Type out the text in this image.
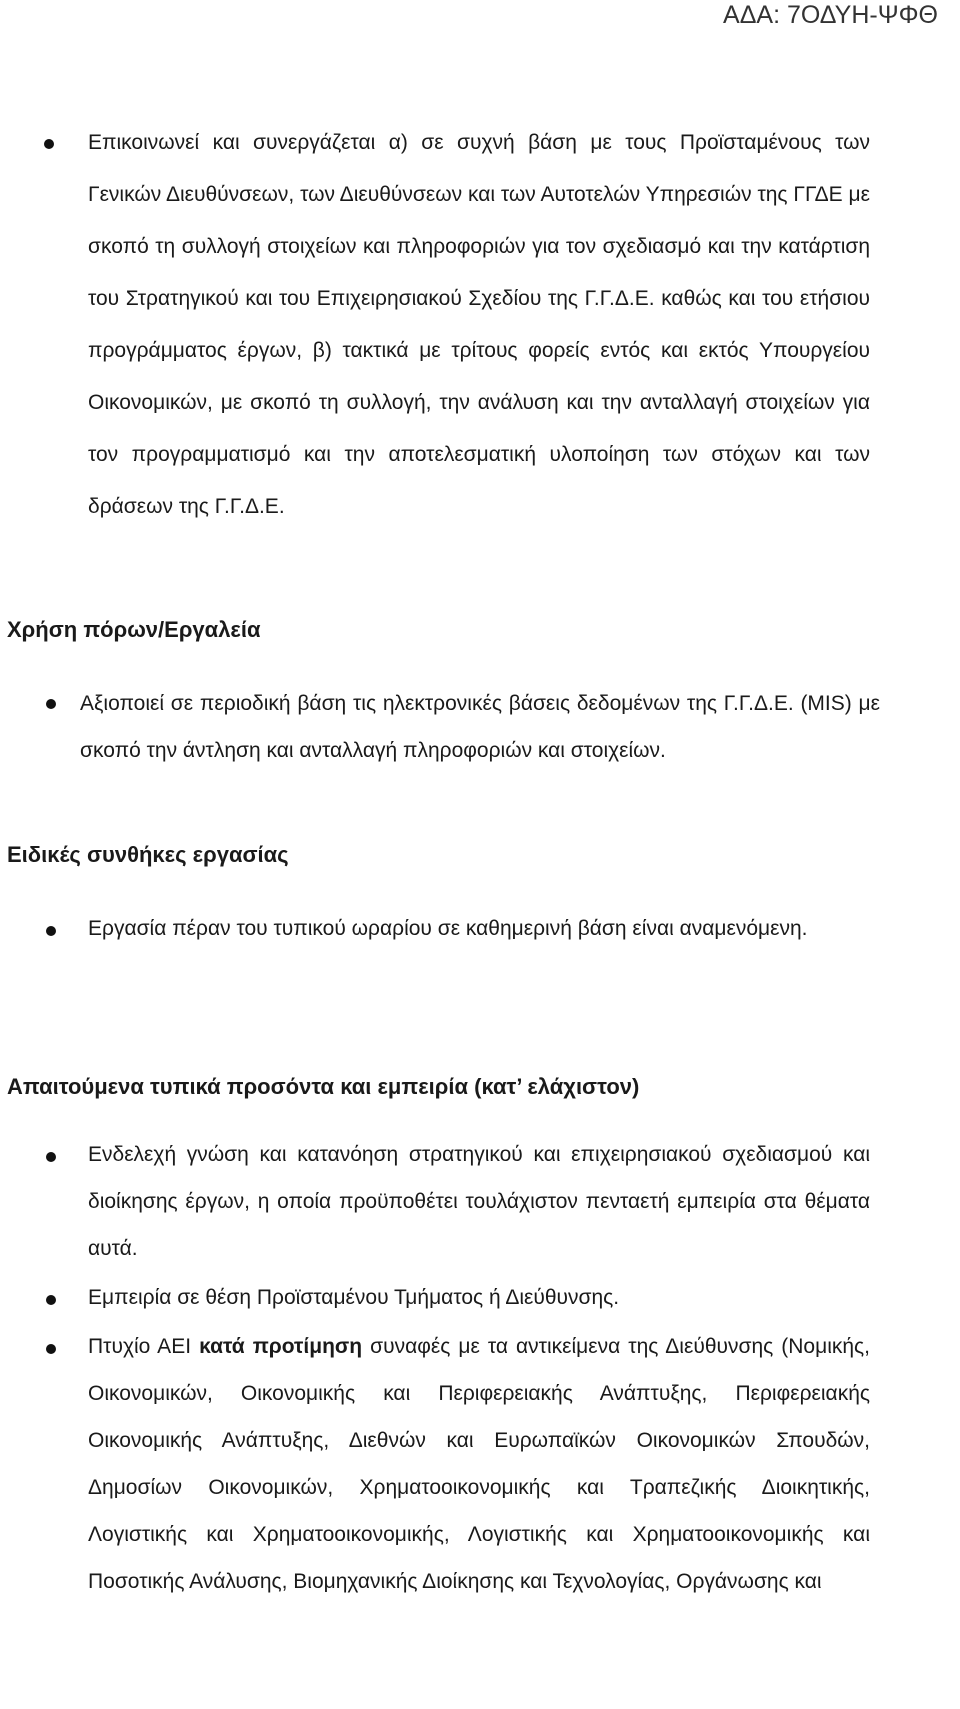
ΑΔΑ: 7ΟΔΥΗ-ΨΦΘ
Επικοινωνεί και συνεργάζεται α) σε συχνή βάση με τους Προϊσταμένους των Γενικών Διευθύνσεων, των Διευθύνσεων και των Αυτοτελών Υπηρεσιών της ΓΓΔΕ με σκοπό τη συλλογή στοιχείων και πληροφοριών για τον σχεδιασμό και την κατάρτιση του Στρατηγικού και του Επιχειρησιακού Σχεδίου της Γ.Γ.Δ.Ε. καθώς και του ετήσιου προγράμματος έργων, β) τακτικά με τρίτους φορείς εντός και εκτός Υπουργείου Οικονομικών, με σκοπό τη συλλογή, την ανάλυση και την ανταλλαγή στοιχείων για τον προγραμματισμό και την αποτελεσματική υλοποίηση των στόχων και των δράσεων της Γ.Γ.Δ.Ε.
Χρήση πόρων/Εργαλεία
Αξιοποιεί σε περιοδική βάση τις ηλεκτρονικές βάσεις δεδομένων της Γ.Γ.Δ.Ε. (MIS) με σκοπό την άντληση και ανταλλαγή πληροφοριών και στοιχείων.
Ειδικές συνθήκες εργασίας
Εργασία πέραν του τυπικού ωραρίου σε καθημερινή βάση είναι αναμενόμενη.
Απαιτούμενα τυπικά προσόντα και εμπειρία (κατ’ ελάχιστον)
Ενδελεχή γνώση και κατανόηση στρατηγικού και επιχειρησιακού σχεδιασμού και διοίκησης έργων, η οποία προϋποθέτει τουλάχιστον πενταετή εμπειρία στα θέματα αυτά.
Εμπειρία σε θέση Προϊσταμένου Τμήματος ή Διεύθυνσης.
Πτυχίο ΑΕΙ κατά προτίμηση συναφές με τα αντικείμενα της Διεύθυνσης (Νομικής, Οικονομικών, Οικονομικής και Περιφερειακής Ανάπτυξης, Περιφερειακής Οικονομικής Ανάπτυξης, Διεθνών και Ευρωπαϊκών Οικονομικών Σπουδών, Δημοσίων Οικονομικών, Χρηματοοικονομικής και Τραπεζικής Διοικητικής, Λογιστικής και Χρηματοοικονομικής, Λογιστικής και Χρηματοοικονομικής και Ποσοτικής Ανάλυσης, Βιομηχανικής Διοίκησης και Τεχνολογίας, Οργάνωσης και
